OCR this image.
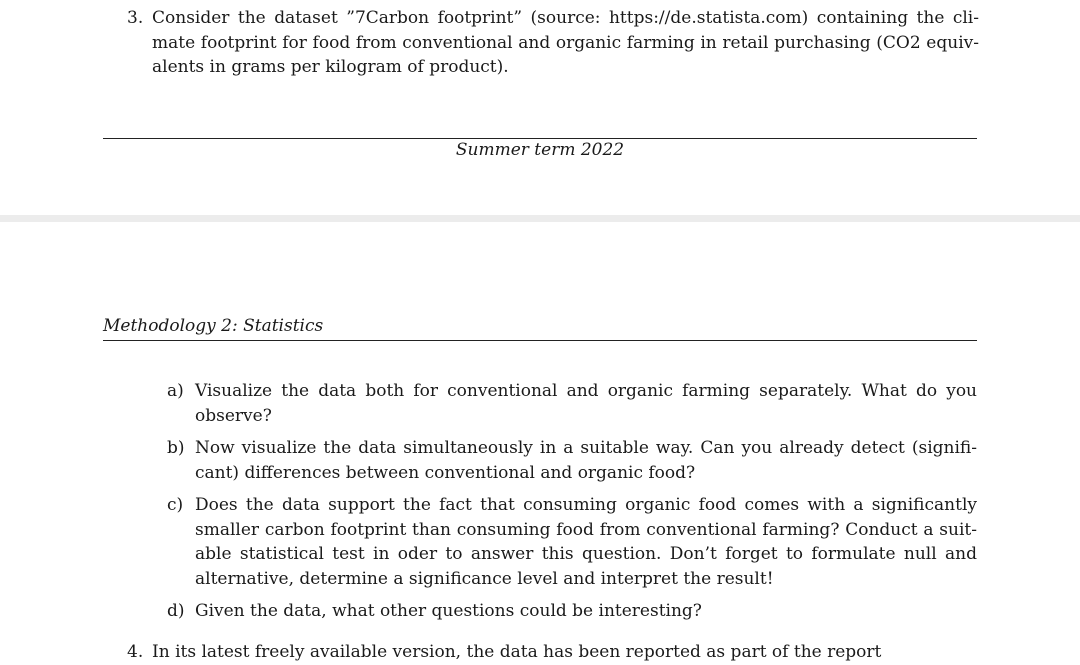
3. Consider the dataset ”7Carbon footprint” (source: https://de.statista.com) containing the climate footprint for food from conventional and organic farming in retail purchasing (CO2 equivalents in grams per kilogram of product).
Summer term 2022
Methodology 2: Statistics
a) Visualize the data both for conventional and organic farming separately. What do you observe?
b) Now visualize the data simultaneously in a suitable way. Can you already detect (significant) differences between conventional and organic food?
c) Does the data support the fact that consuming organic food comes with a significantly smaller carbon footprint than consuming food from conventional farming? Conduct a suitable statistical test in oder to answer this question. Don’t forget to formulate null and alternative, determine a significance level and interpret the result!
d) Given the data, what other questions could be interesting?
4. In its latest freely available version, the data has been reported as part of the report
